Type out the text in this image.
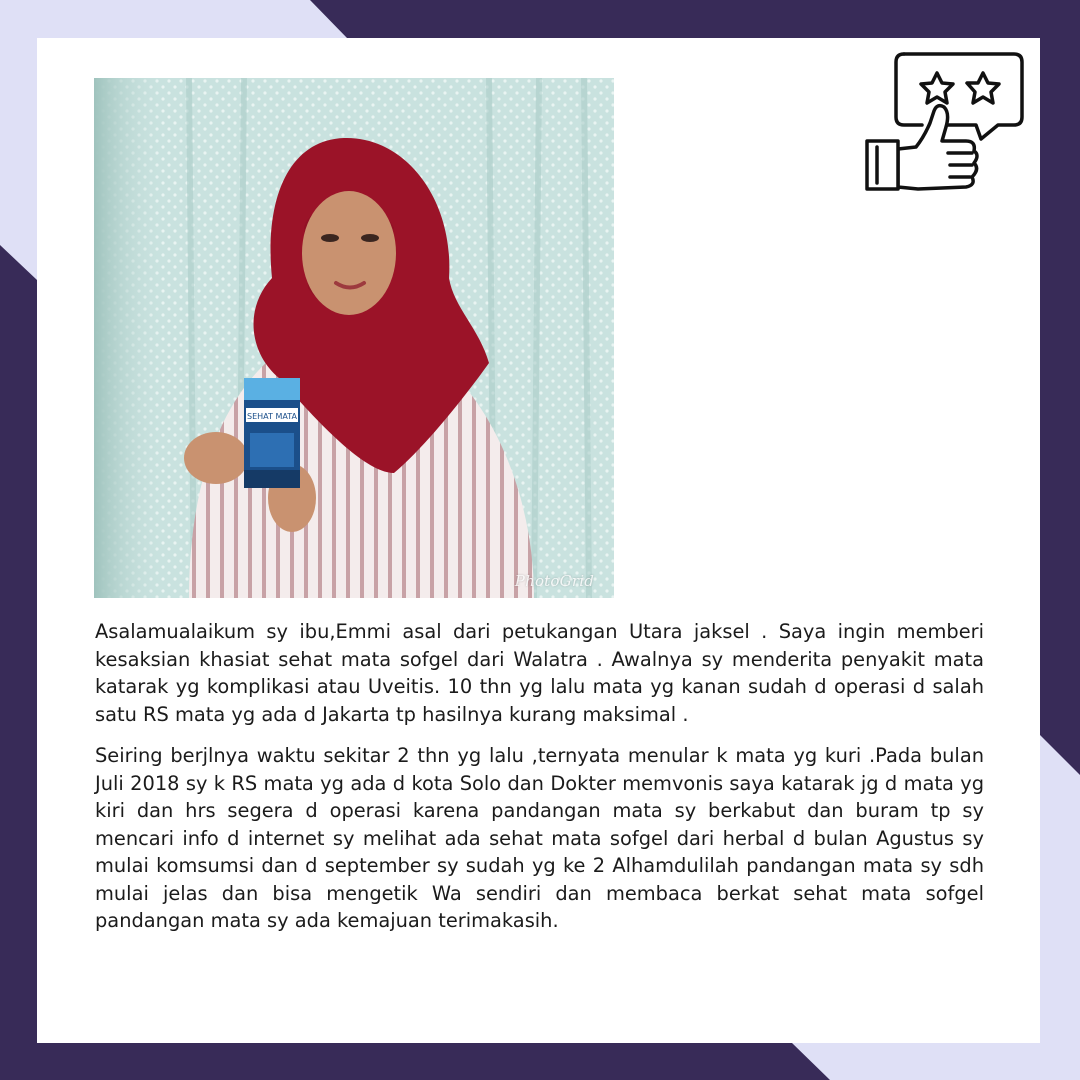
SEHAT MATA
PhotoGrid

Asalamualaikum sy ibu,Emmi asal dari petukangan Utara jaksel . Saya ingin memberi kesaksian khasiat sehat mata sofgel dari Walatra . Awalnya sy menderita penyakit mata katarak yg komplikasi atau Uveitis. 10 thn yg lalu mata yg kanan sudah d operasi d salah satu RS mata yg ada d Jakarta tp hasilnya kurang maksimal .

Seiring berjlnya waktu sekitar 2 thn yg lalu ,ternyata menular k mata yg kuri .Pada bulan Juli 2018 sy k RS mata yg ada d kota Solo dan Dokter memvonis saya katarak jg d mata yg kiri dan hrs segera d operasi karena pandangan mata sy berkabut dan buram tp sy mencari info d internet sy melihat ada sehat mata sofgel dari herbal d bulan Agustus sy mulai komsumsi dan d september sy sudah yg ke 2 Alhamdulilah pandangan mata sy sdh mulai jelas dan bisa mengetik Wa sendiri dan membaca berkat sehat mata sofgel pandangan mata sy ada kemajuan terimakasih.
